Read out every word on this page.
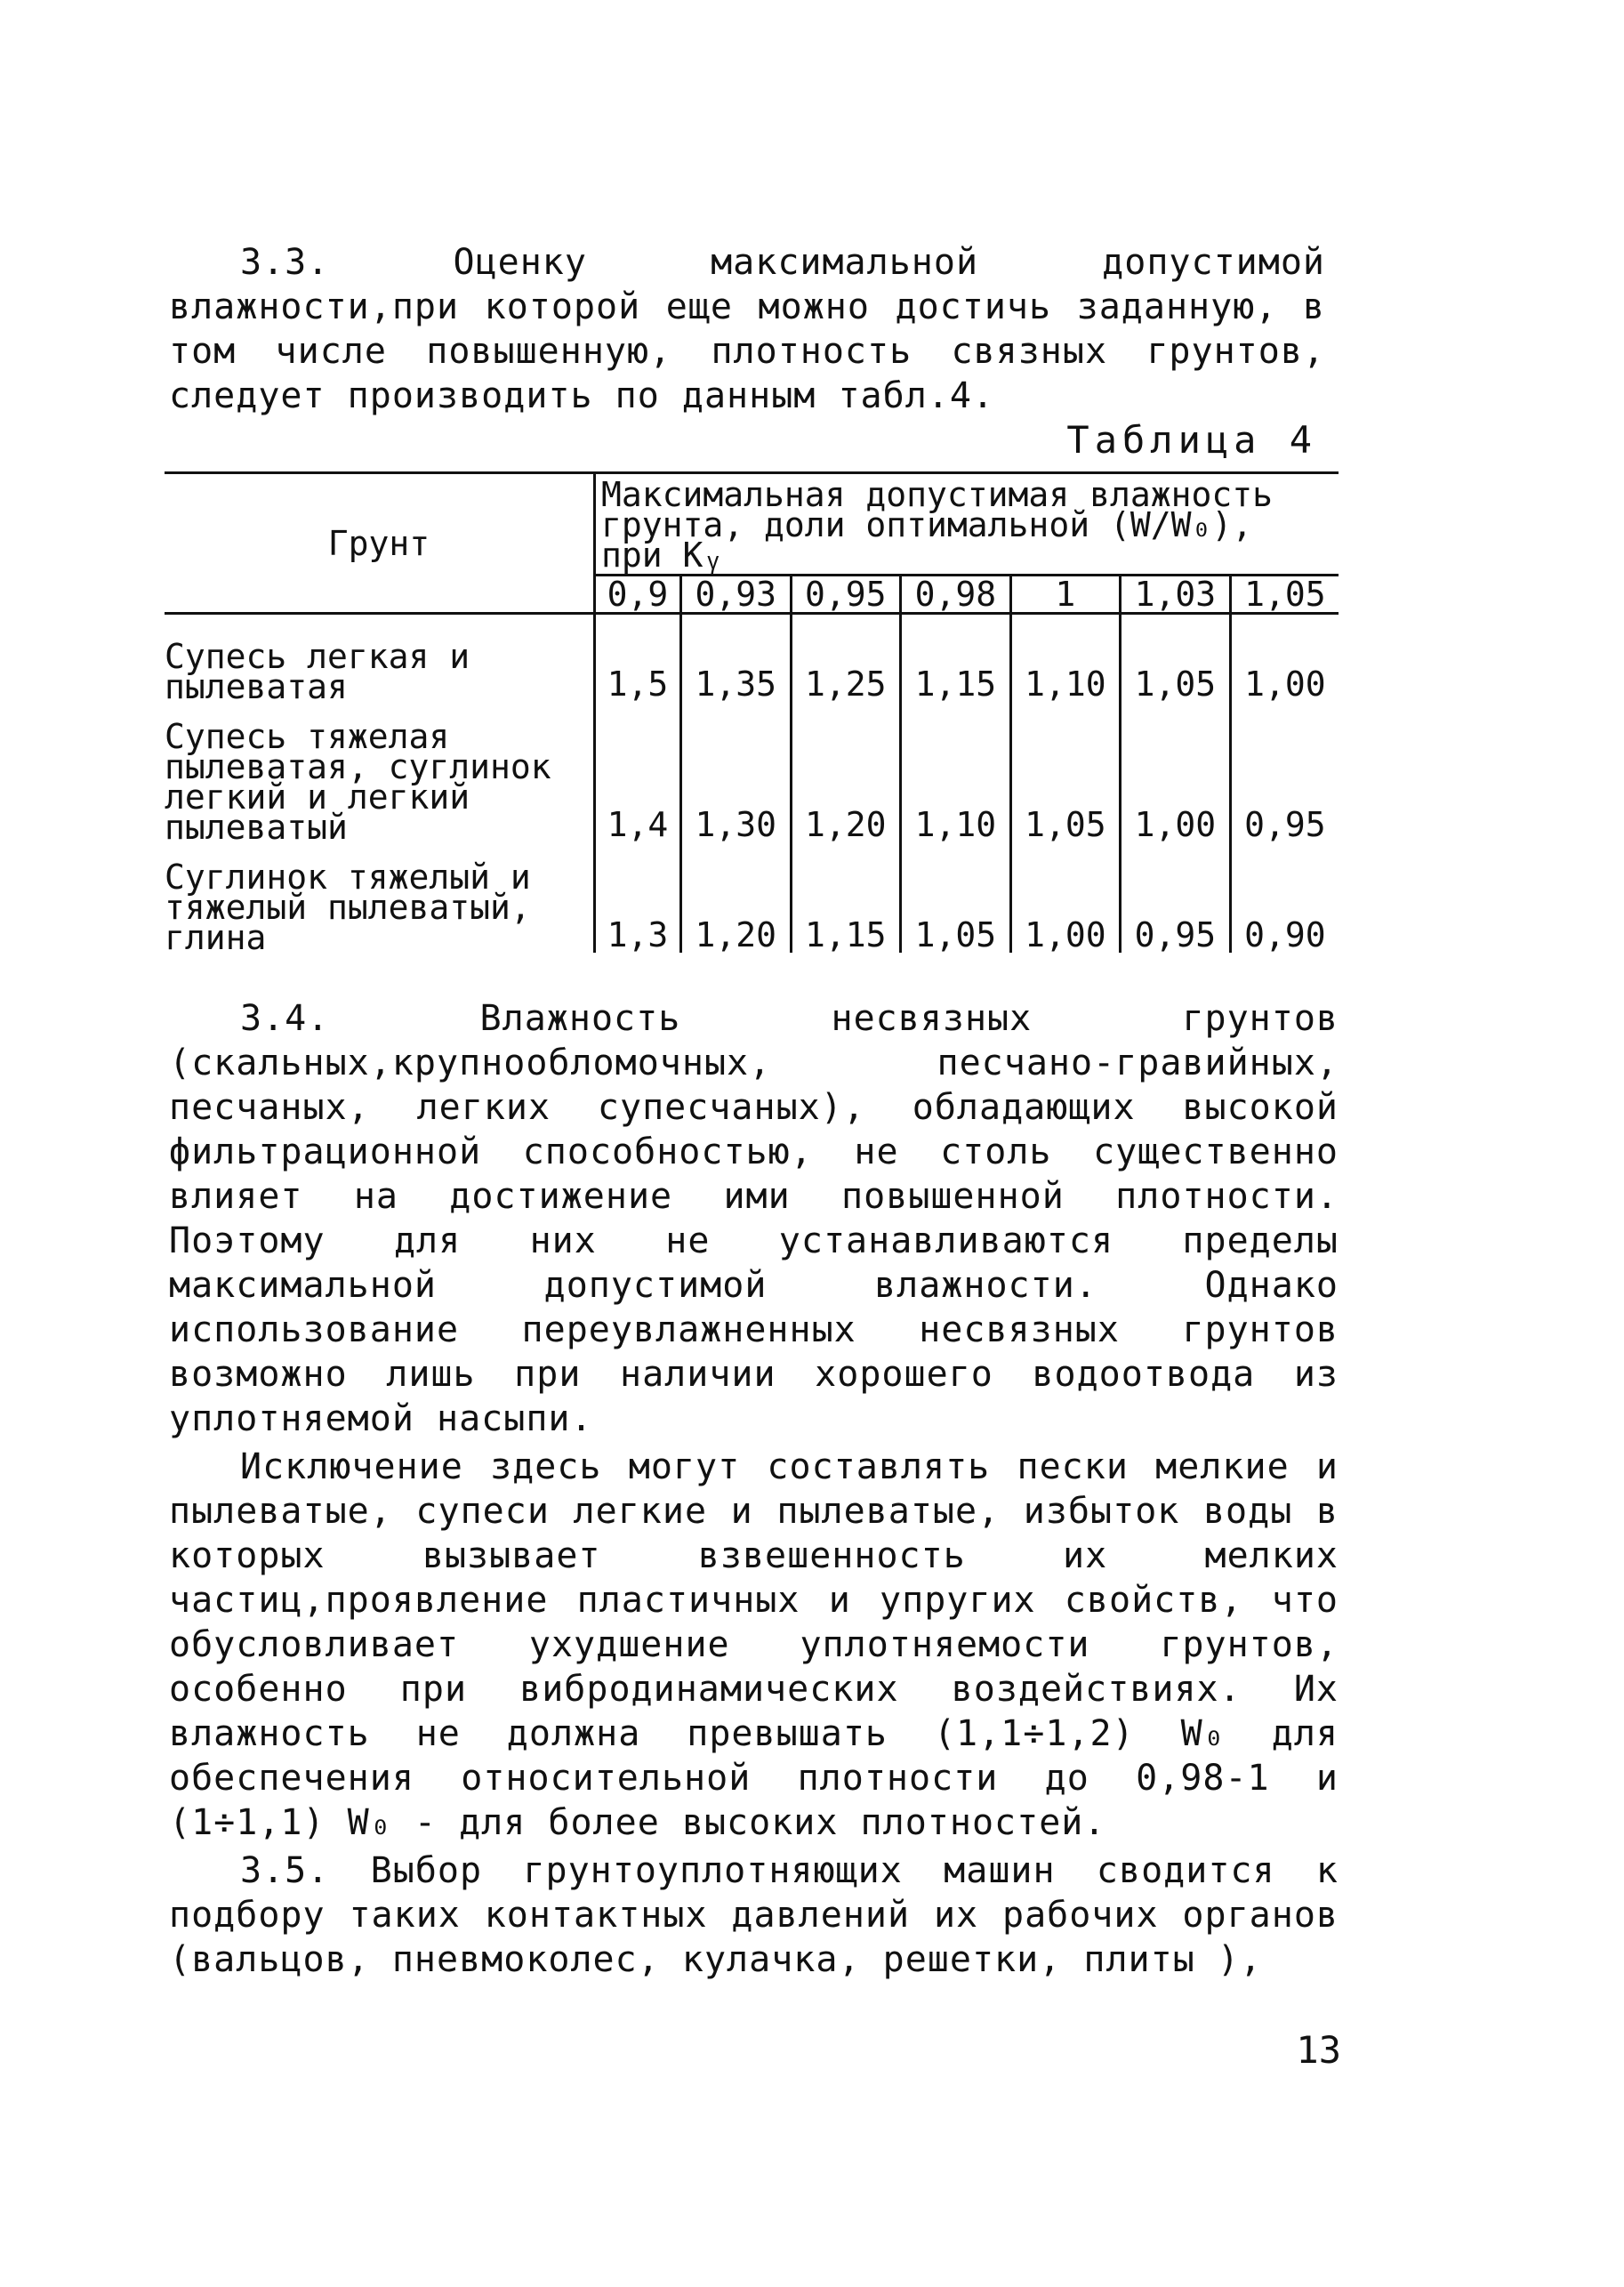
3.3. Оценку максимальной допустимой влажности,при которой еще можно достичь заданную, в том числе повышенную, плотность связных грунтов, следует производить по данным табл.4.

Таблица 4
Грунт	Максимальная допустимая влажность грунта, доли оптимальной (W/W₀), при Kᵧ						
	0,9	0,93	0,95	0,98	1	1,03	1,05
Супесь легкая и пылеватая	1,5	1,35	1,25	1,15	1,10	1,05	1,00
Супесь тяжелая пылеватая, суглинок легкий и легкий пылеватый	1,4	1,30	1,20	1,10	1,05	1,00	0,95
Суглинок тяжелый и тяжелый пылеватый, глина	1,3	1,20	1,15	1,05	1,00	0,95	0,90

3.4. Влажность несвязных грунтов (скальных,крупнообломочных, песчано-гравийных, песчаных, легких супесчаных), обладающих высокой фильтрационной способностью, не столь существенно влияет на достижение ими повышенной плотности. Поэтому для них не устанавливаются пределы максимальной допустимой влажности. Однако использование переувлажненных несвязных грунтов возможно лишь при наличии хорошего водоотвода из уплотняемой насыпи.

Исключение здесь могут составлять пески мелкие и пылеватые, супеси легкие и пылеватые, избыток воды в которых вызывает взвешенность их мелких частиц,проявление пластичных и упругих свойств, что обусловливает ухудшение уплотняемости грунтов, особенно при вибродинамических воздействиях. Их влажность не должна превышать (1,1÷1,2) W₀ для обеспечения относительной плотности до 0,98-1 и (1÷1,1) W₀ - для более высоких плотностей.

3.5. Выбор грунтоуплотняющих машин сводится к подбору таких контактных давлений их рабочих органов (вальцов, пневмоколес, кулачка, решетки, плиты ),

13
